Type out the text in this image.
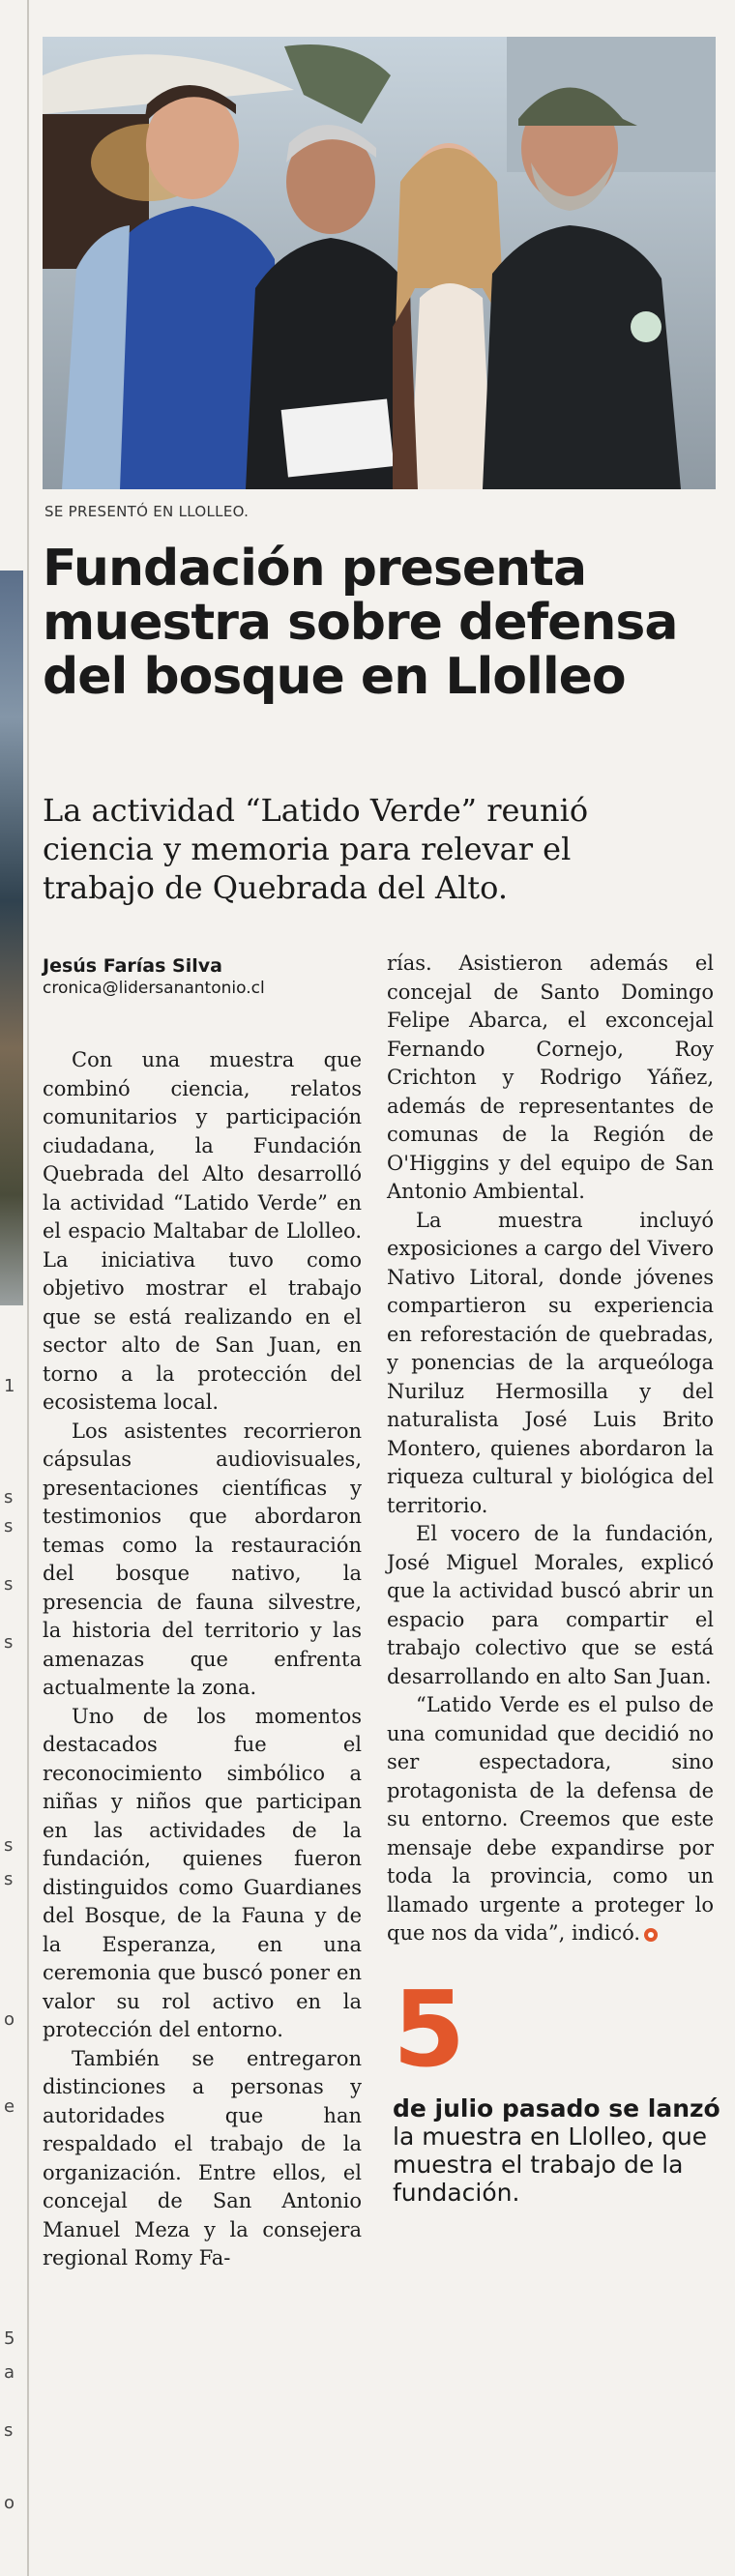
1
s
s
s
s
s
s
o
e
5
a
s
o
SE PRESENTÓ EN LLOLLEO.
Fundación presenta
muestra sobre defensa
del bosque en Llolleo
La actividad “Latido Verde” reunió
ciencia y memoria para relevar el
trabajo de Quebrada del Alto.
Jesús Farías Silva
cronica@lidersanantonio.cl

Con una muestra que combinó ciencia, relatos comunitarios y participación ciudadana, la Fundación Quebrada del Alto desarrolló la actividad “Latido Verde” en el espacio Maltabar de Llolleo. La iniciativa tuvo como objetivo mostrar el trabajo que se está realizando en el sector alto de San Juan, en torno a la protección del ecosistema local.

Los asistentes recorrieron cápsulas audiovisuales, presentaciones científicas y testimonios que abordaron temas como la restauración del bosque nativo, la presencia de fauna silvestre, la historia del territorio y las amenazas que enfrenta actualmente la zona.

Uno de los momentos destacados fue el reconocimiento simbólico a niñas y niños que participan en las actividades de la fundación, quienes fueron distinguidos como Guardianes del Bosque, de la Fauna y de la Esperanza, en una ceremonia que buscó poner en valor su rol activo en la protección del entorno.

También se entregaron distinciones a personas y autoridades que han respaldado el trabajo de la organización. Entre ellos, el concejal de San Antonio Manuel Meza y la consejera regional Romy Fa-

rías. Asistieron además el concejal de Santo Domingo Felipe Abarca, el exconcejal Fernando Cornejo, Roy Crichton y Rodrigo Yáñez, además de representantes de comunas de la Región de O'Higgins y del equipo de San Antonio Ambiental.

La muestra incluyó exposiciones a cargo del Vivero Nativo Litoral, donde jóvenes compartieron su experiencia en reforestación de quebradas, y ponencias de la arqueóloga Nuriluz Hermosilla y del naturalista José Luis Brito Montero, quienes abordaron la riqueza cultural y biológica del territorio.

El vocero de la fundación, José Miguel Morales, explicó que la actividad buscó abrir un espacio para compartir el trabajo colectivo que se está desarrollando en alto San Juan.

“Latido Verde es el pulso de una comunidad que decidió no ser espectadora, sino protagonista de la defensa de su entorno. Creemos que este mensaje debe expandirse por toda la provincia, como un llamado urgente a proteger lo que nos da vida”, indicó.

5
de julio pasado se lanzó la muestra en Llolleo, que muestra el trabajo de la fundación.
